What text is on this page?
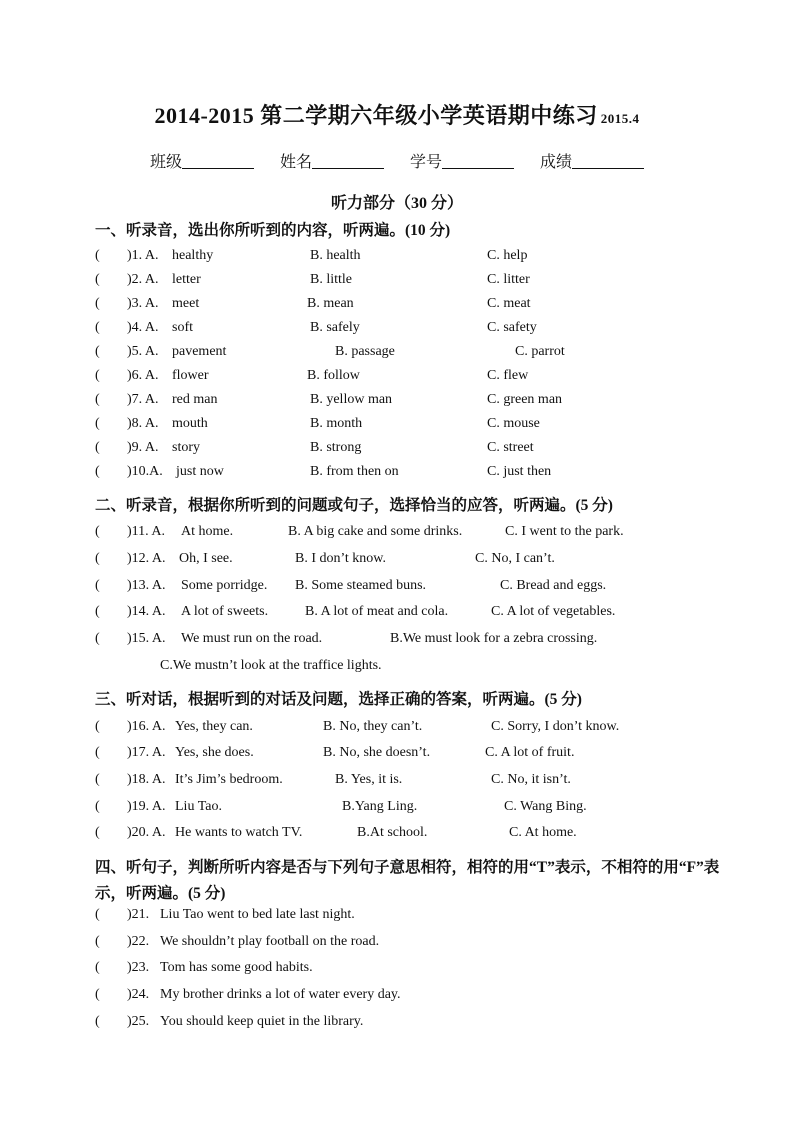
2014-2015 第二学期六年级小学英语期中练习 2015.4
班级	姓名	学号	成绩
听力部分（30 分）
一、听录音，选出你所听到的内容，听两遍。(10 分)
( )1. A. healthy	B. health	C. help
( )2. A. letter	B. little	C. litter
( )3. A. meet	B. mean	C. meat
( )4. A. soft	B. safely	C. safety
( )5. A. pavement	B. passage	C. parrot
( )6. A. flower	B. follow	C. flew
( )7. A. red man	B. yellow man	C. green man
( )8. A. mouth	B. month	C. mouse
( )9. A. story	B. strong	C. street
( )10.A. just now	B. from then on	C. just then
二、听录音，根据你所听到的问题或句子，选择恰当的应答，听两遍。(5 分)
( )11. A. At home.	B. A big cake and some drinks.	C. I went to the park.
( )12. A. Oh, I see.	B. I don’t know.	C. No, I can’t.
( )13. A. Some porridge. B. Some steamed buns.	C. Bread and eggs.
( )14. A. A lot of sweets.	B. A lot of meat and cola.	C. A lot of vegetables.
( )15. A. We must run on the road.	B.We must look for a zebra crossing.
C.We mustn’t look at the traffice lights.
三、听对话，根据听到的对话及问题，选择正确的答案，听两遍。(5 分)
( )16. A. Yes, they can.	B. No, they can’t.	C. Sorry, I don’t know.
( )17. A. Yes, she does.	B. No, she doesn’t.	C. A lot of fruit.
( )18. A. It’s Jim’s bedroom.	B. Yes, it is.	C. No, it isn’t.
( )19. A. Liu Tao.	B.Yang Ling.	C. Wang Bing.
( )20. A. He wants to watch TV.	B.At school.	C. At home.
四、听句子，判断所听内容是否与下列句子意思相符，相符的用“T”表示，不相符的用“F”表示，听两遍。(5 分)
( )21. Liu Tao went to bed late last night.
( )22. We shouldn’t play football on the road.
( )23. Tom has some good habits.
( )24. My brother drinks a lot of water every day.
( )25. You should keep quiet in the library.
